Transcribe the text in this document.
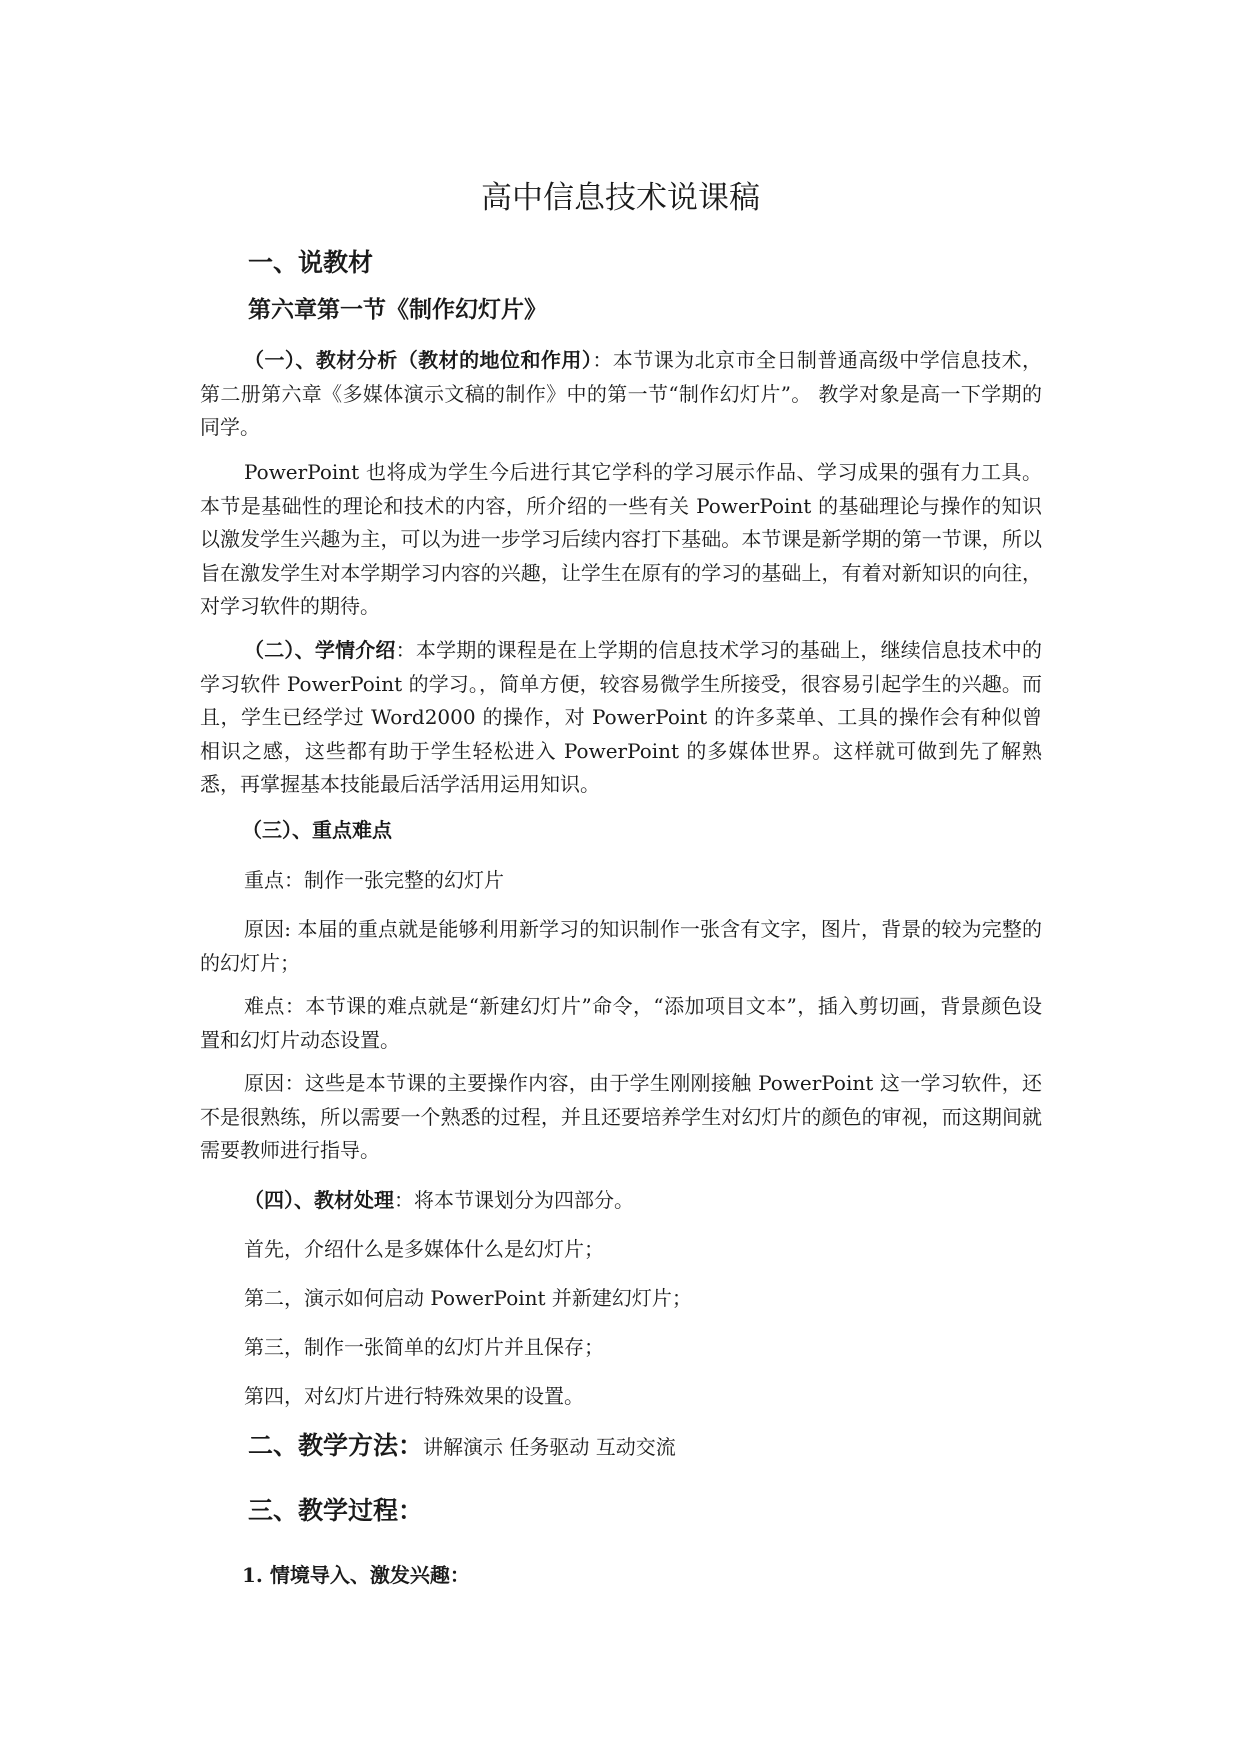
高中信息技术说课稿
一、说教材
第六章第一节《制作幻灯片》

（一）、教材分析（教材的地位和作用）：本节课为北京市全日制普通高级中学信息技术，第二册第六章《多媒体演示文稿的制作》中的第一节“制作幻灯片”。 教学对象是高一下学期的同学。

PowerPoint 也将成为学生今后进行其它学科的学习展示作品、学习成果的强有力工具。本节是基础性的理论和技术的内容，所介绍的一些有关 PowerPoint 的基础理论与操作的知识以激发学生兴趣为主，可以为进一步学习后续内容打下基础。本节课是新学期的第一节课，所以旨在激发学生对本学期学习内容的兴趣，让学生在原有的学习的基础上，有着对新知识的向往，对学习软件的期待。

（二）、学情介绍：本学期的课程是在上学期的信息技术学习的基础上，继续信息技术中的学习软件 PowerPoint 的学习。，简单方便，较容易微学生所接受，很容易引起学生的兴趣。而且，学生已经学过 Word2000 的操作，对 PowerPoint 的许多菜单、工具的操作会有种似曾相识之感，这些都有助于学生轻松进入 PowerPoint 的多媒体世界。这样就可做到先了解熟悉，再掌握基本技能最后活学活用运用知识。

（三）、重点难点
重点：制作一张完整的幻灯片

原因: 本届的重点就是能够利用新学习的知识制作一张含有文字，图片，背景的较为完整的的幻灯片；

难点：本节课的难点就是“新建幻灯片”命令，“添加项目文本”，插入剪切画，背景颜色设置和幻灯片动态设置。

原因：这些是本节课的主要操作内容，由于学生刚刚接触 PowerPoint 这一学习软件，还不是很熟练，所以需要一个熟悉的过程，并且还要培养学生对幻灯片的颜色的审视，而这期间就需要教师进行指导。

（四）、教材处理：将本节课划分为四部分。
首先，介绍什么是多媒体什么是幻灯片；
第二，演示如何启动 PowerPoint 并新建幻灯片；
第三，制作一张简单的幻灯片并且保存；
第四，对幻灯片进行特殊效果的设置。
二、教学方法：讲解演示 任务驱动 互动交流
三、教学过程：
1. 情境导入、激发兴趣：
